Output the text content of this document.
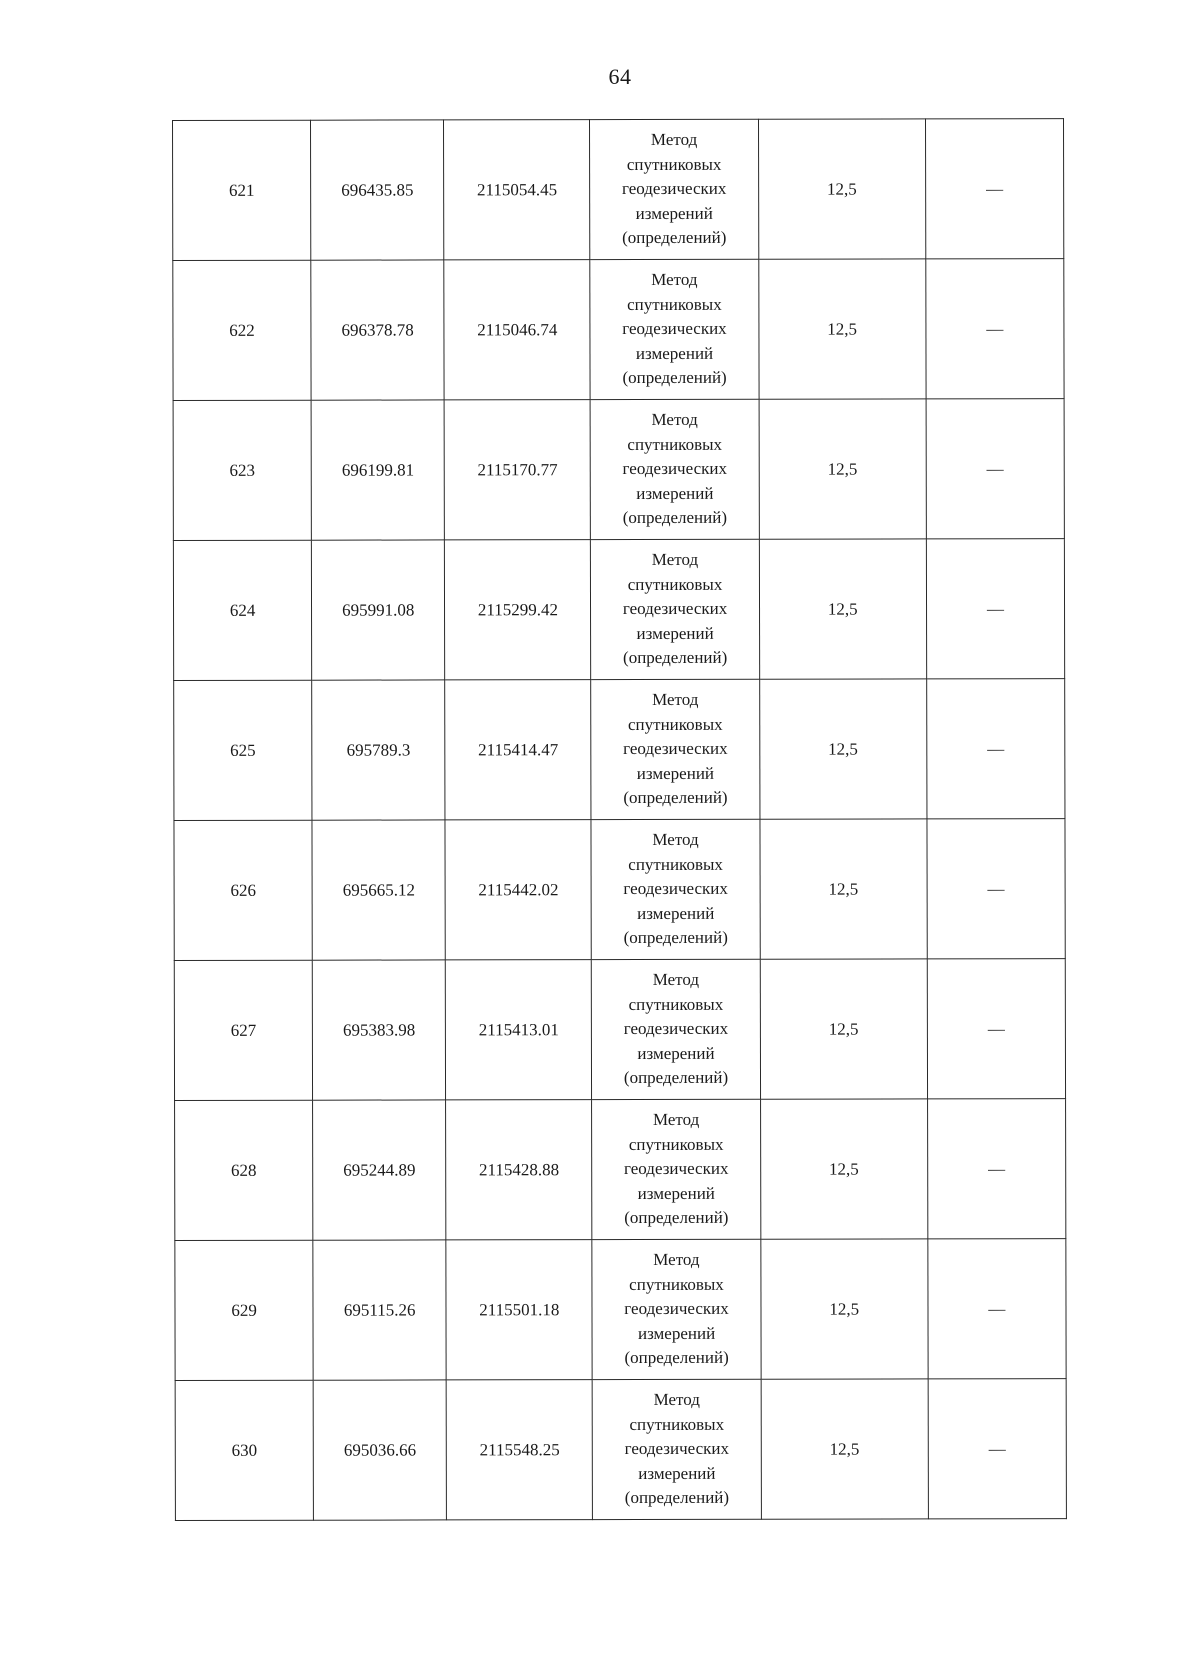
64
621	696435.85	2115054.45	Метод
спутниковых
геодезических
измерений
(определений)	12,5	—
622	696378.78	2115046.74	Метод
спутниковых
геодезических
измерений
(определений)	12,5	—
623	696199.81	2115170.77	Метод
спутниковых
геодезических
измерений
(определений)	12,5	—
624	695991.08	2115299.42	Метод
спутниковых
геодезических
измерений
(определений)	12,5	—
625	695789.3	2115414.47	Метод
спутниковых
геодезических
измерений
(определений)	12,5	—
626	695665.12	2115442.02	Метод
спутниковых
геодезических
измерений
(определений)	12,5	—
627	695383.98	2115413.01	Метод
спутниковых
геодезических
измерений
(определений)	12,5	—
628	695244.89	2115428.88	Метод
спутниковых
геодезических
измерений
(определений)	12,5	—
629	695115.26	2115501.18	Метод
спутниковых
геодезических
измерений
(определений)	12,5	—
630	695036.66	2115548.25	Метод
спутниковых
геодезических
измерений
(определений)	12,5	—
